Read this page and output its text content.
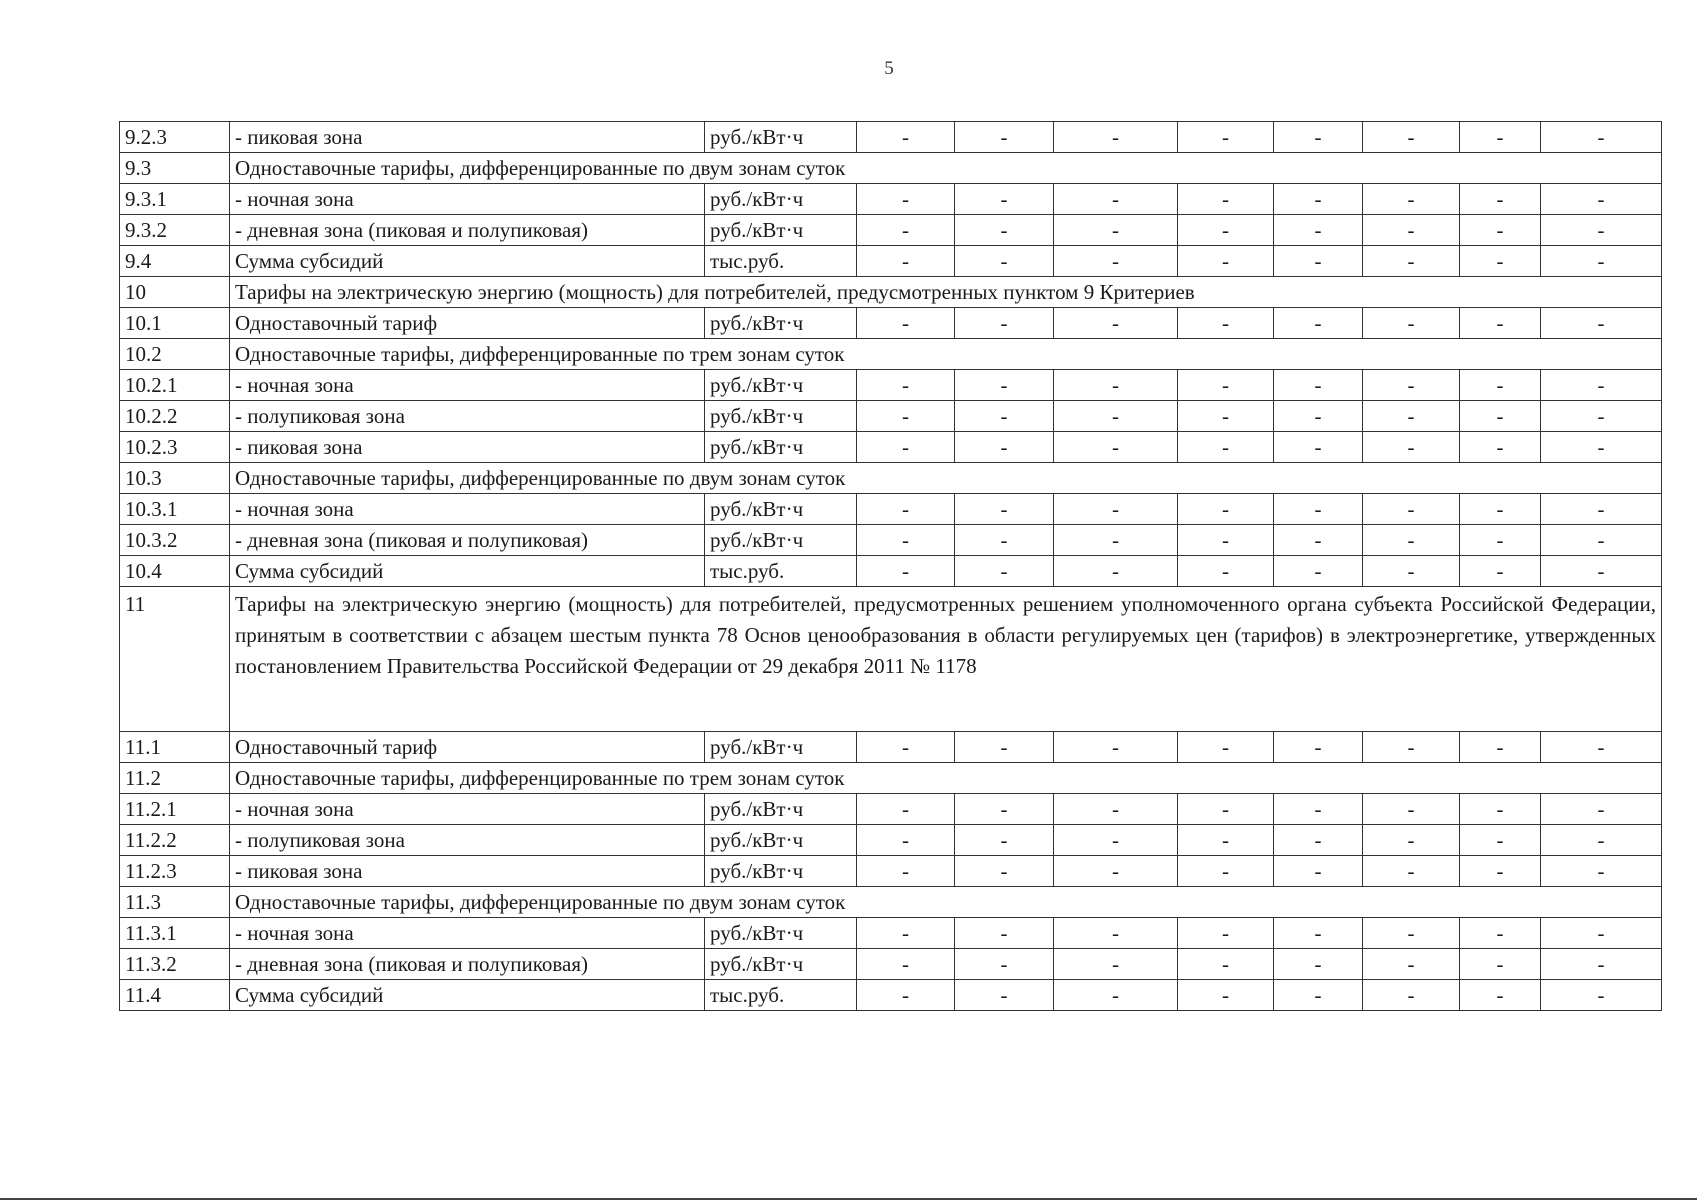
5
9.2.3	- пиковая зона	руб./кВт·ч	-	-	-	-	-	-	-	-
9.3	Одноставочные тарифы, дифференцированные по двум зонам суток									
9.3.1	- ночная зона	руб./кВт·ч	-	-	-	-	-	-	-	-
9.3.2	- дневная зона (пиковая и полупиковая)	руб./кВт·ч	-	-	-	-	-	-	-	-
9.4	Сумма субсидий	тыс.руб.	-	-	-	-	-	-	-	-
10	Тарифы на электрическую энергию (мощность) для потребителей, предусмотренных пунктом 9 Критериев									
10.1	Одноставочный тариф	руб./кВт·ч	-	-	-	-	-	-	-	-
10.2	Одноставочные тарифы, дифференцированные по трем зонам суток									
10.2.1	- ночная зона	руб./кВт·ч	-	-	-	-	-	-	-	-
10.2.2	- полупиковая зона	руб./кВт·ч	-	-	-	-	-	-	-	-
10.2.3	- пиковая зона	руб./кВт·ч	-	-	-	-	-	-	-	-
10.3	Одноставочные тарифы, дифференцированные по двум зонам суток									
10.3.1	- ночная зона	руб./кВт·ч	-	-	-	-	-	-	-	-
10.3.2	- дневная зона (пиковая и полупиковая)	руб./кВт·ч	-	-	-	-	-	-	-	-
10.4	Сумма субсидий	тыс.руб.	-	-	-	-	-	-	-	-
11	Тарифы на электрическую энергию (мощность) для потребителей, предусмотренных решением уполномоченного органа субъекта Российской Федерации, принятым в соответствии с абзацем шестым пункта 78 Основ ценообразования в области регулируемых цен (тарифов) в электроэнергетике, утвержденных постановлением Правительства Российской Федерации от 29 декабря 2011 № 1178									
11.1	Одноставочный тариф	руб./кВт·ч	-	-	-	-	-	-	-	-
11.2	Одноставочные тарифы, дифференцированные по трем зонам суток									
11.2.1	- ночная зона	руб./кВт·ч	-	-	-	-	-	-	-	-
11.2.2	- полупиковая зона	руб./кВт·ч	-	-	-	-	-	-	-	-
11.2.3	- пиковая зона	руб./кВт·ч	-	-	-	-	-	-	-	-
11.3	Одноставочные тарифы, дифференцированные по двум зонам суток									
11.3.1	- ночная зона	руб./кВт·ч	-	-	-	-	-	-	-	-
11.3.2	- дневная зона (пиковая и полупиковая)	руб./кВт·ч	-	-	-	-	-	-	-	-
11.4	Сумма субсидий	тыс.руб.	-	-	-	-	-	-	-	-
